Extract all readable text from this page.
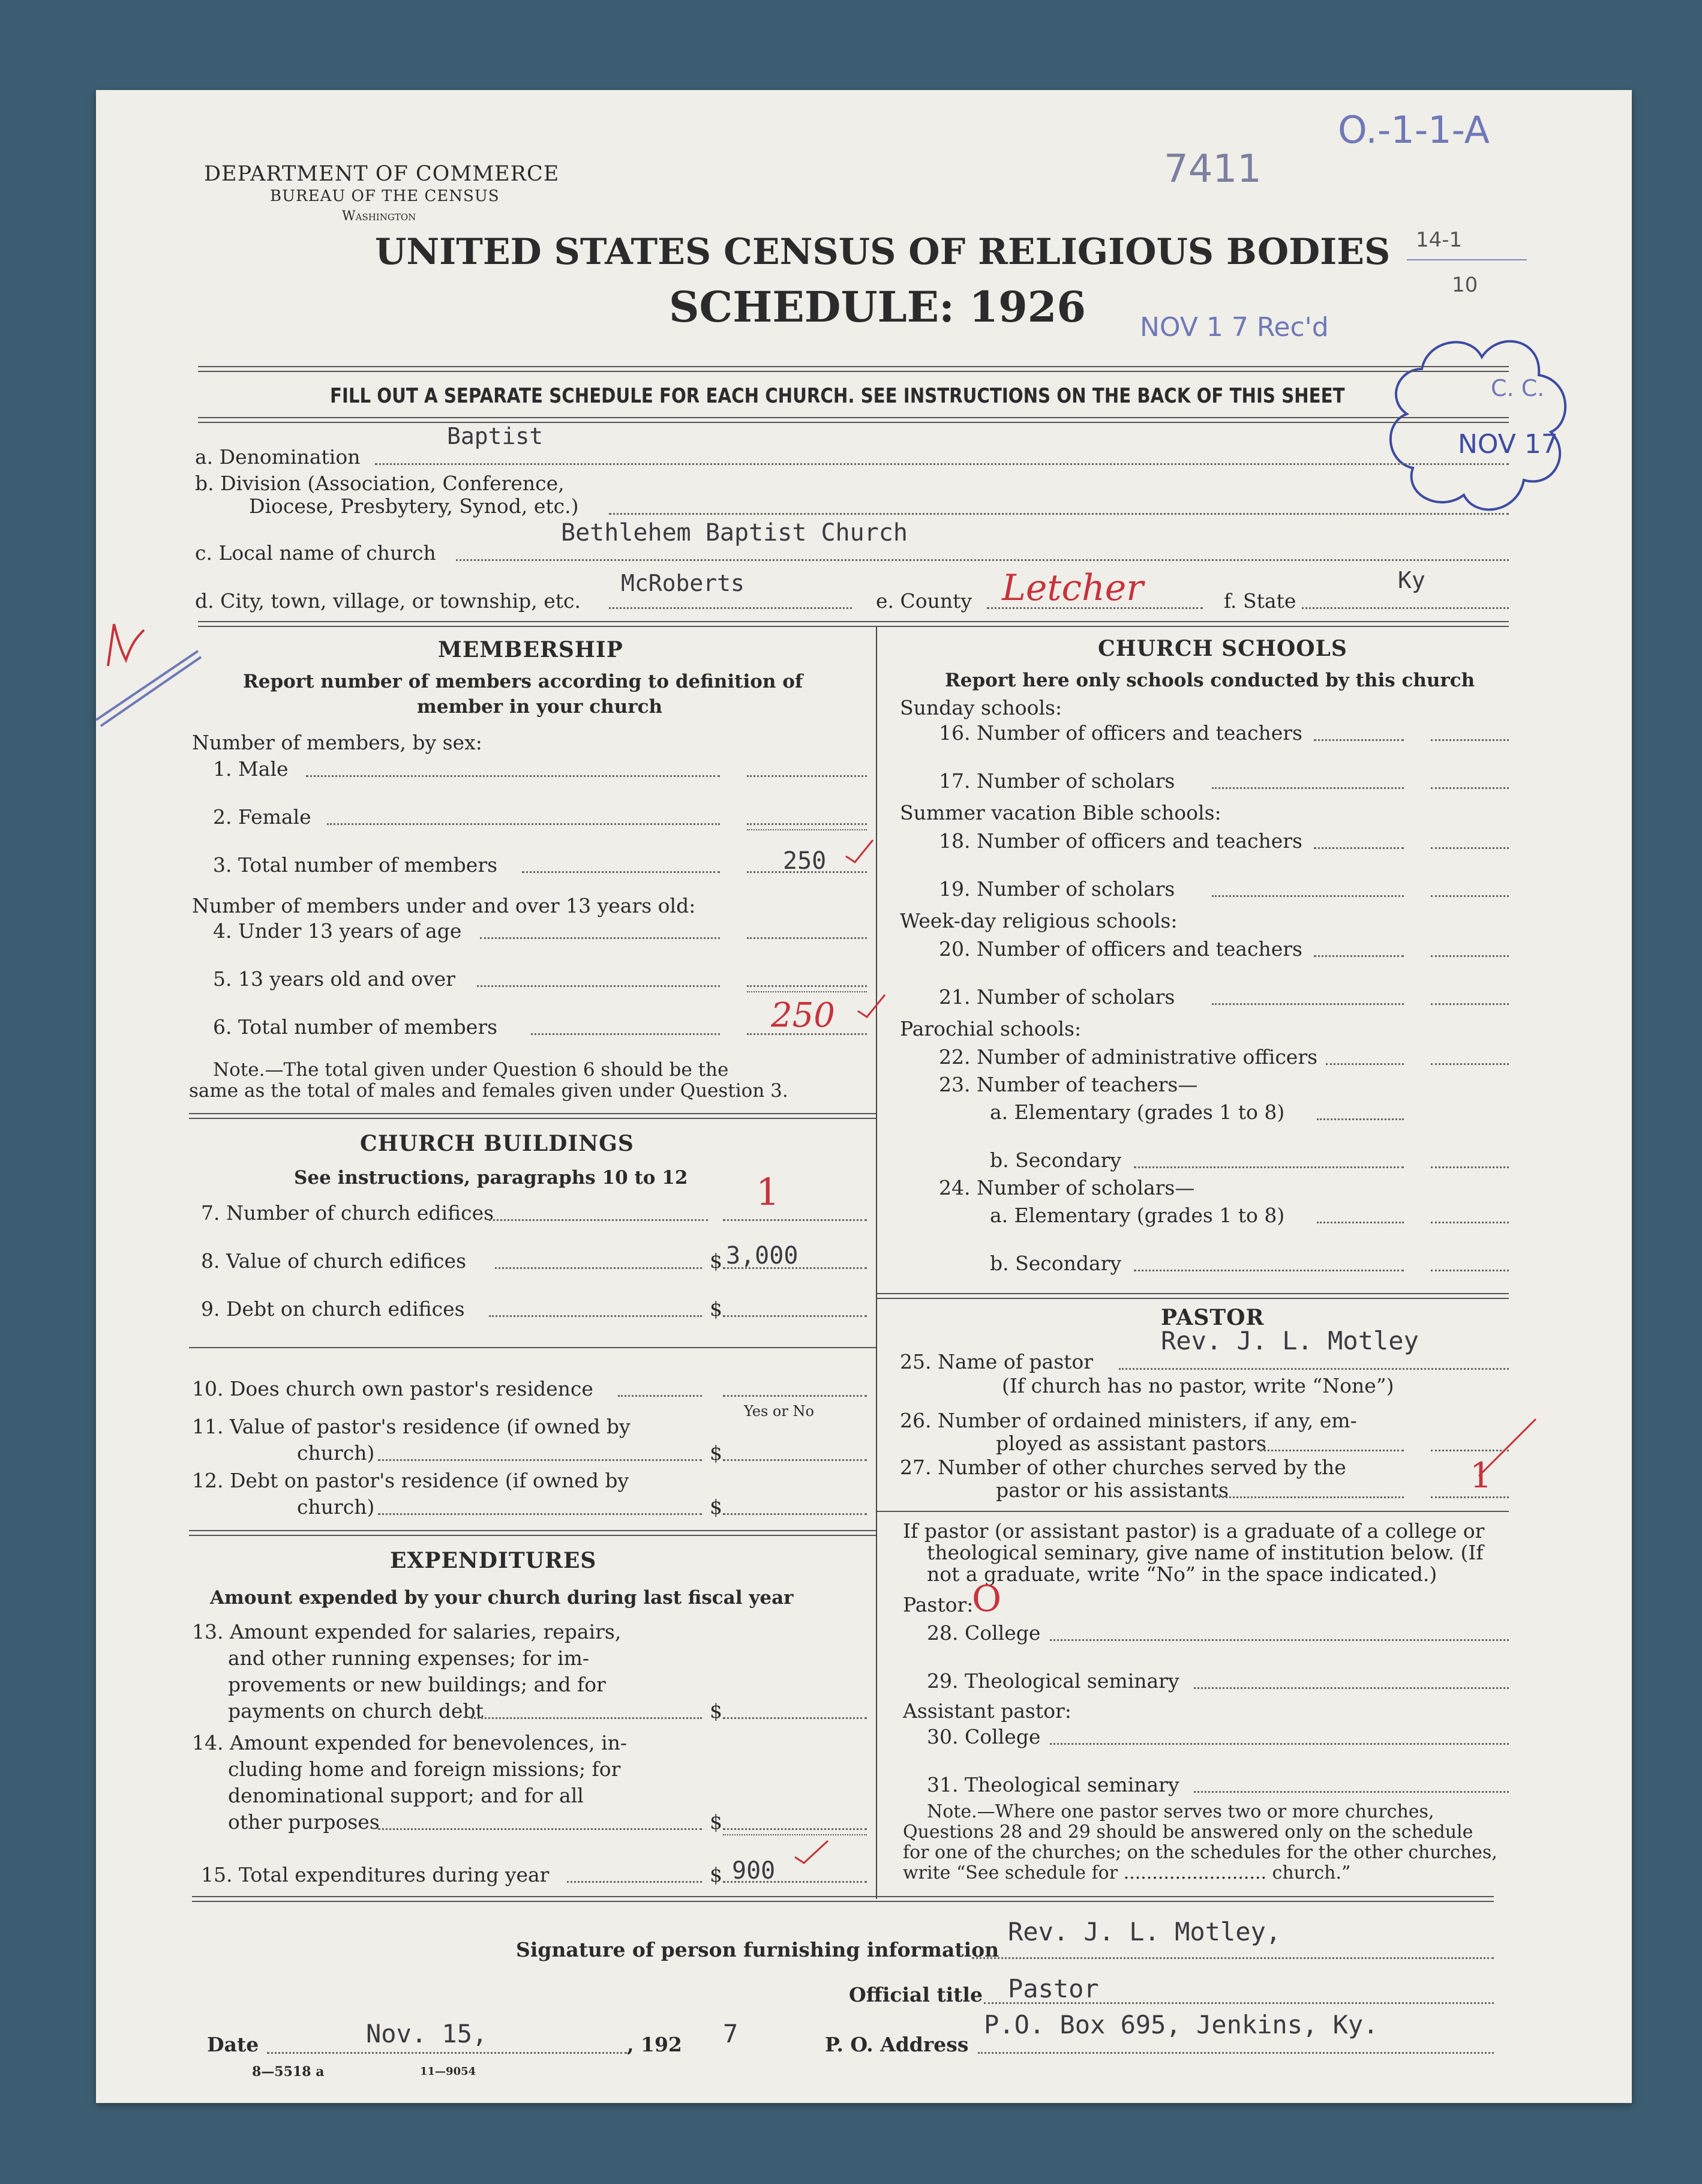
DEPARTMENT OF COMMERCE
BUREAU OF THE CENSUS
Washington
UNITED STATES CENSUS OF RELIGIOUS BODIES
SCHEDULE: 1926
O.-1-1-A
7411
NOV 1 7 Rec'd
14-1
10
C. C.
NOV 17
FILL OUT A SEPARATE SCHEDULE FOR EACH CHURCH. SEE INSTRUCTIONS ON THE BACK OF THIS SHEET
a. Denomination
Baptist
b. Division (Association, Conference,
Diocese, Presbytery, Synod, etc.)
c. Local name of church
Bethlehem Baptist Church
d. City, town, village, or township, etc.
McRoberts
e. County Letcher	f. State
Ky
MEMBERSHIP
Report number of members according to definition of
member in your church
Number of members, by sex:
1. Male
2. Female
3. Total number of members	250
Number of members under and over 13 years old:
4. Under 13 years of age
5. 13 years old and over
6. Total number of members	250
Note.—The total given under Question 6 should be the
same as the total of males and females given under Question 3.
CHURCH BUILDINGS
See instructions, paragraphs 10 to 12
7. Number of church edifices	1
8. Value of church edifices	$ 3,000
9. Debt on church edifices	$
10. Does church own pastor's residence
Yes or No
11. Value of pastor's residence (if owned by
church)	$
12. Debt on pastor's residence (if owned by
church)	$
EXPENDITURES
Amount expended by your church during last fiscal year
13. Amount expended for salaries, repairs,
and other running expenses; for im-
provements or new buildings; and for
payments on church debt	$
14. Amount expended for benevolences, in-
cluding home and foreign missions; for
denominational support; and for all
other purposes	$
15. Total expenditures during year	$ 900
CHURCH SCHOOLS
Report here only schools conducted by this church
Sunday schools:
16. Number of officers and teachers
17. Number of scholars
Summer vacation Bible schools:
18. Number of officers and teachers
19. Number of scholars
Week-day religious schools:
20. Number of officers and teachers
21. Number of scholars
Parochial schools:
22. Number of administrative officers
23. Number of teachers—
a. Elementary (grades 1 to 8)
b. Secondary
24. Number of scholars—
a. Elementary (grades 1 to 8)
b. Secondary
PASTOR
25. Name of pastor
Rev. J. L. Motley
(If church has no pastor, write “None”)
26. Number of ordained ministers, if any, em-
ployed as assistant pastors
27. Number of other churches served by the
pastor or his assistants	1
If pastor (or assistant pastor) is a graduate of a college or
theological seminary, give name of institution below. (If
not a graduate, write “No” in the space indicated.)
Pastor:
O
28. College
29. Theological seminary
Assistant pastor:
30. College
31. Theological seminary
Note.—Where one pastor serves two or more churches,
Questions 28 and 29 should be answered only on the schedule
for one of the churches; on the schedules for the other churches,
write “See schedule for ......................... church.”
Signature of person furnishing information
Rev. J. L. Motley,
Official title Pastor
Date	Nov. 15,	, 192 7	P. O. Address
P.O. Box 695, Jenkins, Ky.
8—5518 a	11—9054
